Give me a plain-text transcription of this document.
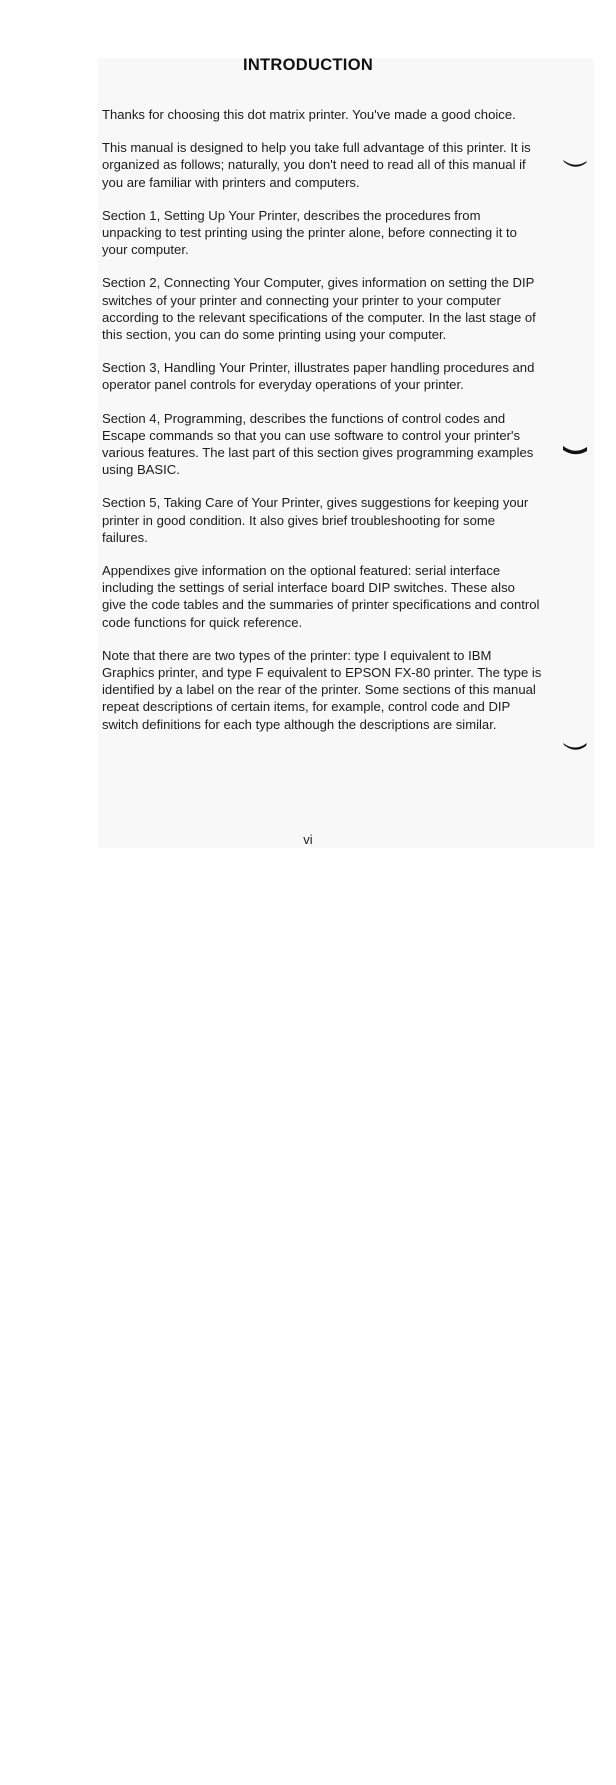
INTRODUCTION

Thanks for choosing this dot matrix printer. You've made a good choice.

This manual is designed to help you take full advantage of this printer. It is organized as follows; naturally, you don't need to read all of this manual if you are familiar with printers and computers.

Section 1, Setting Up Your Printer, describes the procedures from unpacking to test printing using the printer alone, before connecting it to your computer.

Section 2, Connecting Your Computer, gives information on setting the DIP switches of your printer and connecting your printer to your computer according to the relevant specifications of the computer. In the last stage of this section, you can do some printing using your computer.

Section 3, Handling Your Printer, illustrates paper handling procedures and operator panel controls for everyday operations of your printer.

Section 4, Programming, describes the functions of control codes and Escape commands so that you can use software to control your printer's various features. The last part of this section gives programming examples using BASIC.

Section 5, Taking Care of Your Printer, gives suggestions for keeping your printer in good condition. It also gives brief troubleshooting for some failures.

Appendixes give information on the optional featured: serial interface including the settings of serial interface board DIP switches. These also give the code tables and the summaries of printer specifications and control code functions for quick reference.

Note that there are two types of the printer: type I equivalent to IBM Graphics printer, and type F equivalent to EPSON FX-80 printer. The type is identified by a label on the rear of the printer. Some sections of this manual repeat descriptions of certain items, for example, control code and DIP switch definitions for each type although the descriptions are similar.

vi
